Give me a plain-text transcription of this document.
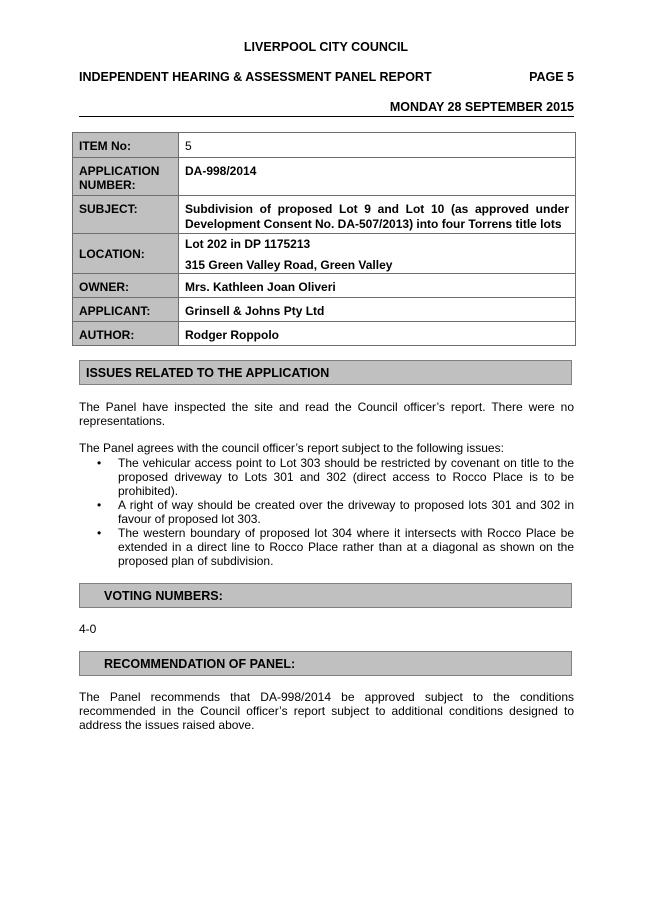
LIVERPOOL CITY COUNCIL
INDEPENDENT HEARING & ASSESSMENT PANEL REPORT	PAGE 5
MONDAY 28 SEPTEMBER 2015
ITEM No:	5
APPLICATION NUMBER:	DA-998/2014
SUBJECT:	Subdivision of proposed Lot 9 and Lot 10 (as approved under Development Consent No. DA-507/2013) into four Torrens title lots
LOCATION:	Lot 202 in DP 1175213
315 Green Valley Road, Green Valley

OWNER:	Mrs. Kathleen Joan Oliveri
APPLICANT:	Grinsell & Johns Pty Ltd
AUTHOR:	Rodger Roppolo
ISSUES RELATED TO THE APPLICATION
The Panel have inspected the site and read the Council officer’s report. There were no representations.
The Panel agrees with the council officer’s report subject to the following issues:
• The vehicular access point to Lot 303 should be restricted by covenant on title to the proposed driveway to Lots 301 and 302 (direct access to Rocco Place is to be prohibited).
• A right of way should be created over the driveway to proposed lots 301 and 302 in favour of proposed lot 303.
• The western boundary of proposed lot 304 where it intersects with Rocco Place be extended in a direct line to Rocco Place rather than at a diagonal as shown on the proposed plan of subdivision.
VOTING NUMBERS:
4-0
RECOMMENDATION OF PANEL:
The Panel recommends that DA-998/2014 be approved subject to the conditions recommended in the Council officer’s report subject to additional conditions designed to address the issues raised above.
